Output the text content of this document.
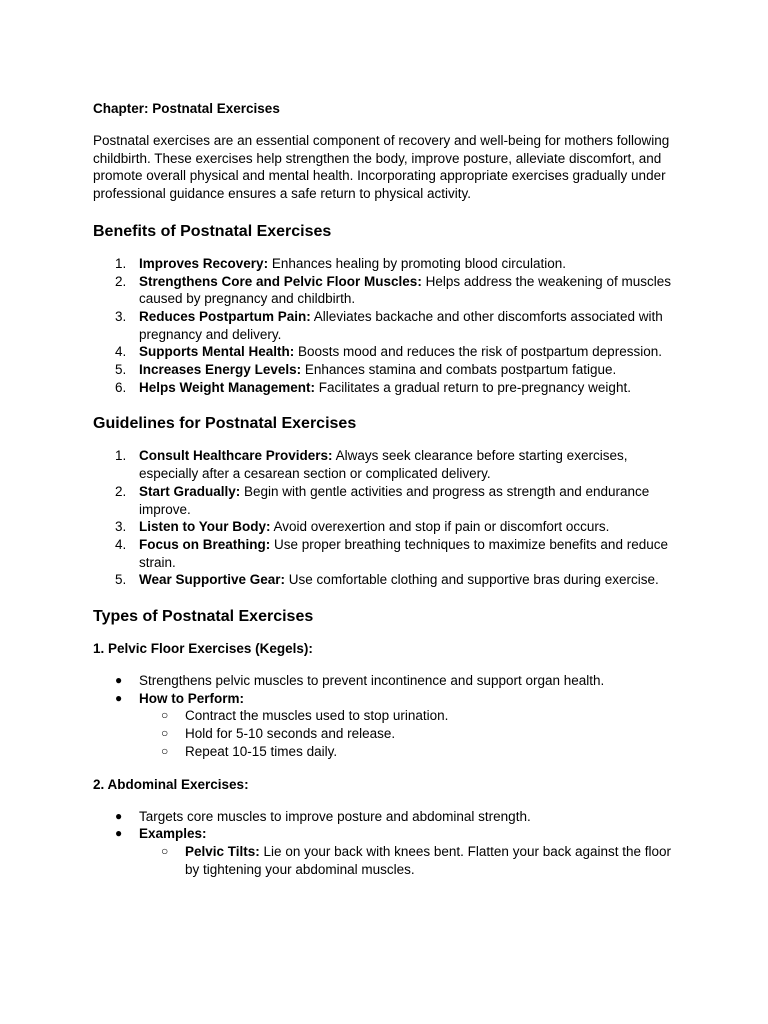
Chapter: Postnatal Exercises

Postnatal exercises are an essential component of recovery and well-being for mothers following childbirth. These exercises help strengthen the body, improve posture, alleviate discomfort, and promote overall physical and mental health. Incorporating appropriate exercises gradually under professional guidance ensures a safe return to physical activity.

Benefits of Postnatal Exercises
1. Improves Recovery: Enhances healing by promoting blood circulation.
2. Strengthens Core and Pelvic Floor Muscles: Helps address the weakening of muscles caused by pregnancy and childbirth.
3. Reduces Postpartum Pain: Alleviates backache and other discomforts associated with pregnancy and delivery.
4. Supports Mental Health: Boosts mood and reduces the risk of postpartum depression.
5. Increases Energy Levels: Enhances stamina and combats postpartum fatigue.
6. Helps Weight Management: Facilitates a gradual return to pre-pregnancy weight.
Guidelines for Postnatal Exercises
1. Consult Healthcare Providers: Always seek clearance before starting exercises, especially after a cesarean section or complicated delivery.
2. Start Gradually: Begin with gentle activities and progress as strength and endurance improve.
3. Listen to Your Body: Avoid overexertion and stop if pain or discomfort occurs.
4. Focus on Breathing: Use proper breathing techniques to maximize benefits and reduce strain.
5. Wear Supportive Gear: Use comfortable clothing and supportive bras during exercise.
Types of Postnatal Exercises
1. Pelvic Floor Exercises (Kegels):
● Strengthens pelvic muscles to prevent incontinence and support organ health.
● How to Perform:
○ Contract the muscles used to stop urination.
○ Hold for 5-10 seconds and release.
○ Repeat 10-15 times daily.
2. Abdominal Exercises:
● Targets core muscles to improve posture and abdominal strength.
● Examples:
○ Pelvic Tilts: Lie on your back with knees bent. Flatten your back against the floor by tightening your abdominal muscles.
